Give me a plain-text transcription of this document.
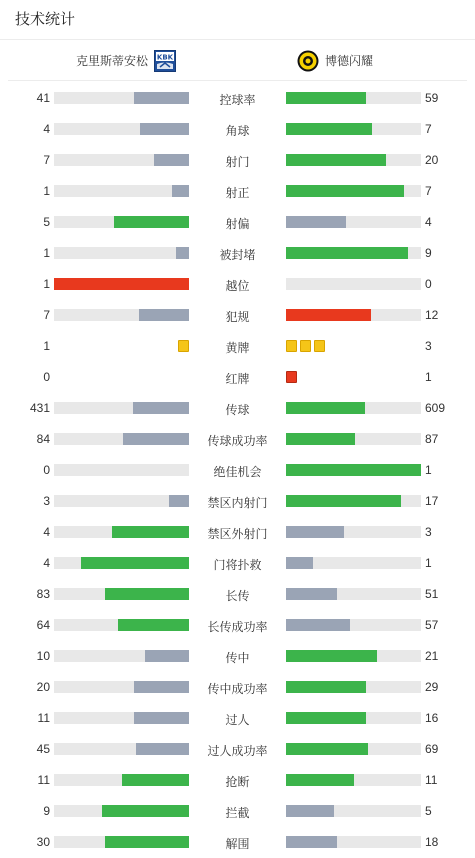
技术统计
克里斯蒂安松 KBK	博德闪耀
41	控球率	59
4	角球	7
7	射门	20
1	射正	7
5	射偏	4
1	被封堵	9
1	越位	0
7	犯规	12
1	黄牌	3
0	红牌	1
431	传球	609
84	传球成功率	87
0	绝佳机会	1
3	禁区内射门	17
4	禁区外射门	3
4	门将扑救	1
83	长传	51
64	长传成功率	57
10	传中	21
20	传中成功率	29
11	过人	16
45	过人成功率	69
11	抢断	11
9	拦截	5
30	解围	18
